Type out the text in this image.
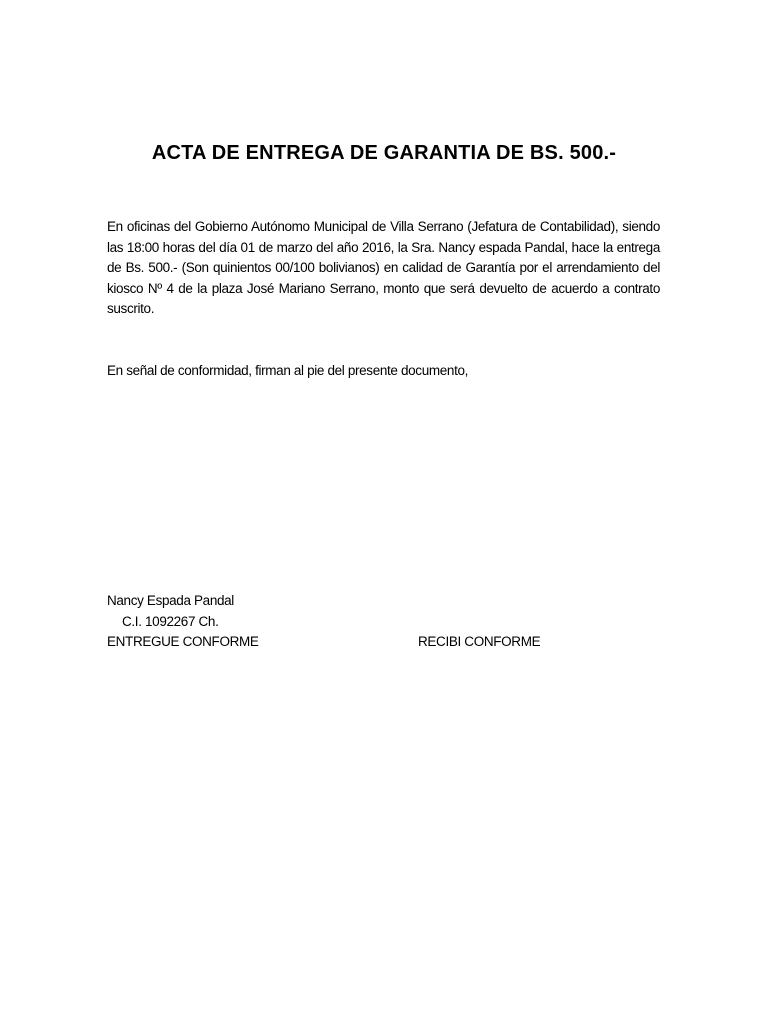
ACTA DE ENTREGA DE GARANTIA DE BS. 500.-
En oficinas del Gobierno Autónomo Municipal de Villa Serrano (Jefatura de Contabilidad), siendo las 18:00 horas del día 01 de marzo del año 2016, la Sra. Nancy espada Pandal, hace la entrega de Bs. 500.- (Son quinientos 00/100 bolivianos) en calidad de Garantía por el arrendamiento del kiosco Nº 4 de la plaza José Mariano Serrano, monto que será devuelto de acuerdo a contrato suscrito.
En señal de conformidad, firman al pie del presente documento,
Nancy Espada Pandal
C.I. 1092267 Ch.
ENTREGUE CONFORME	RECIBI CONFORME
